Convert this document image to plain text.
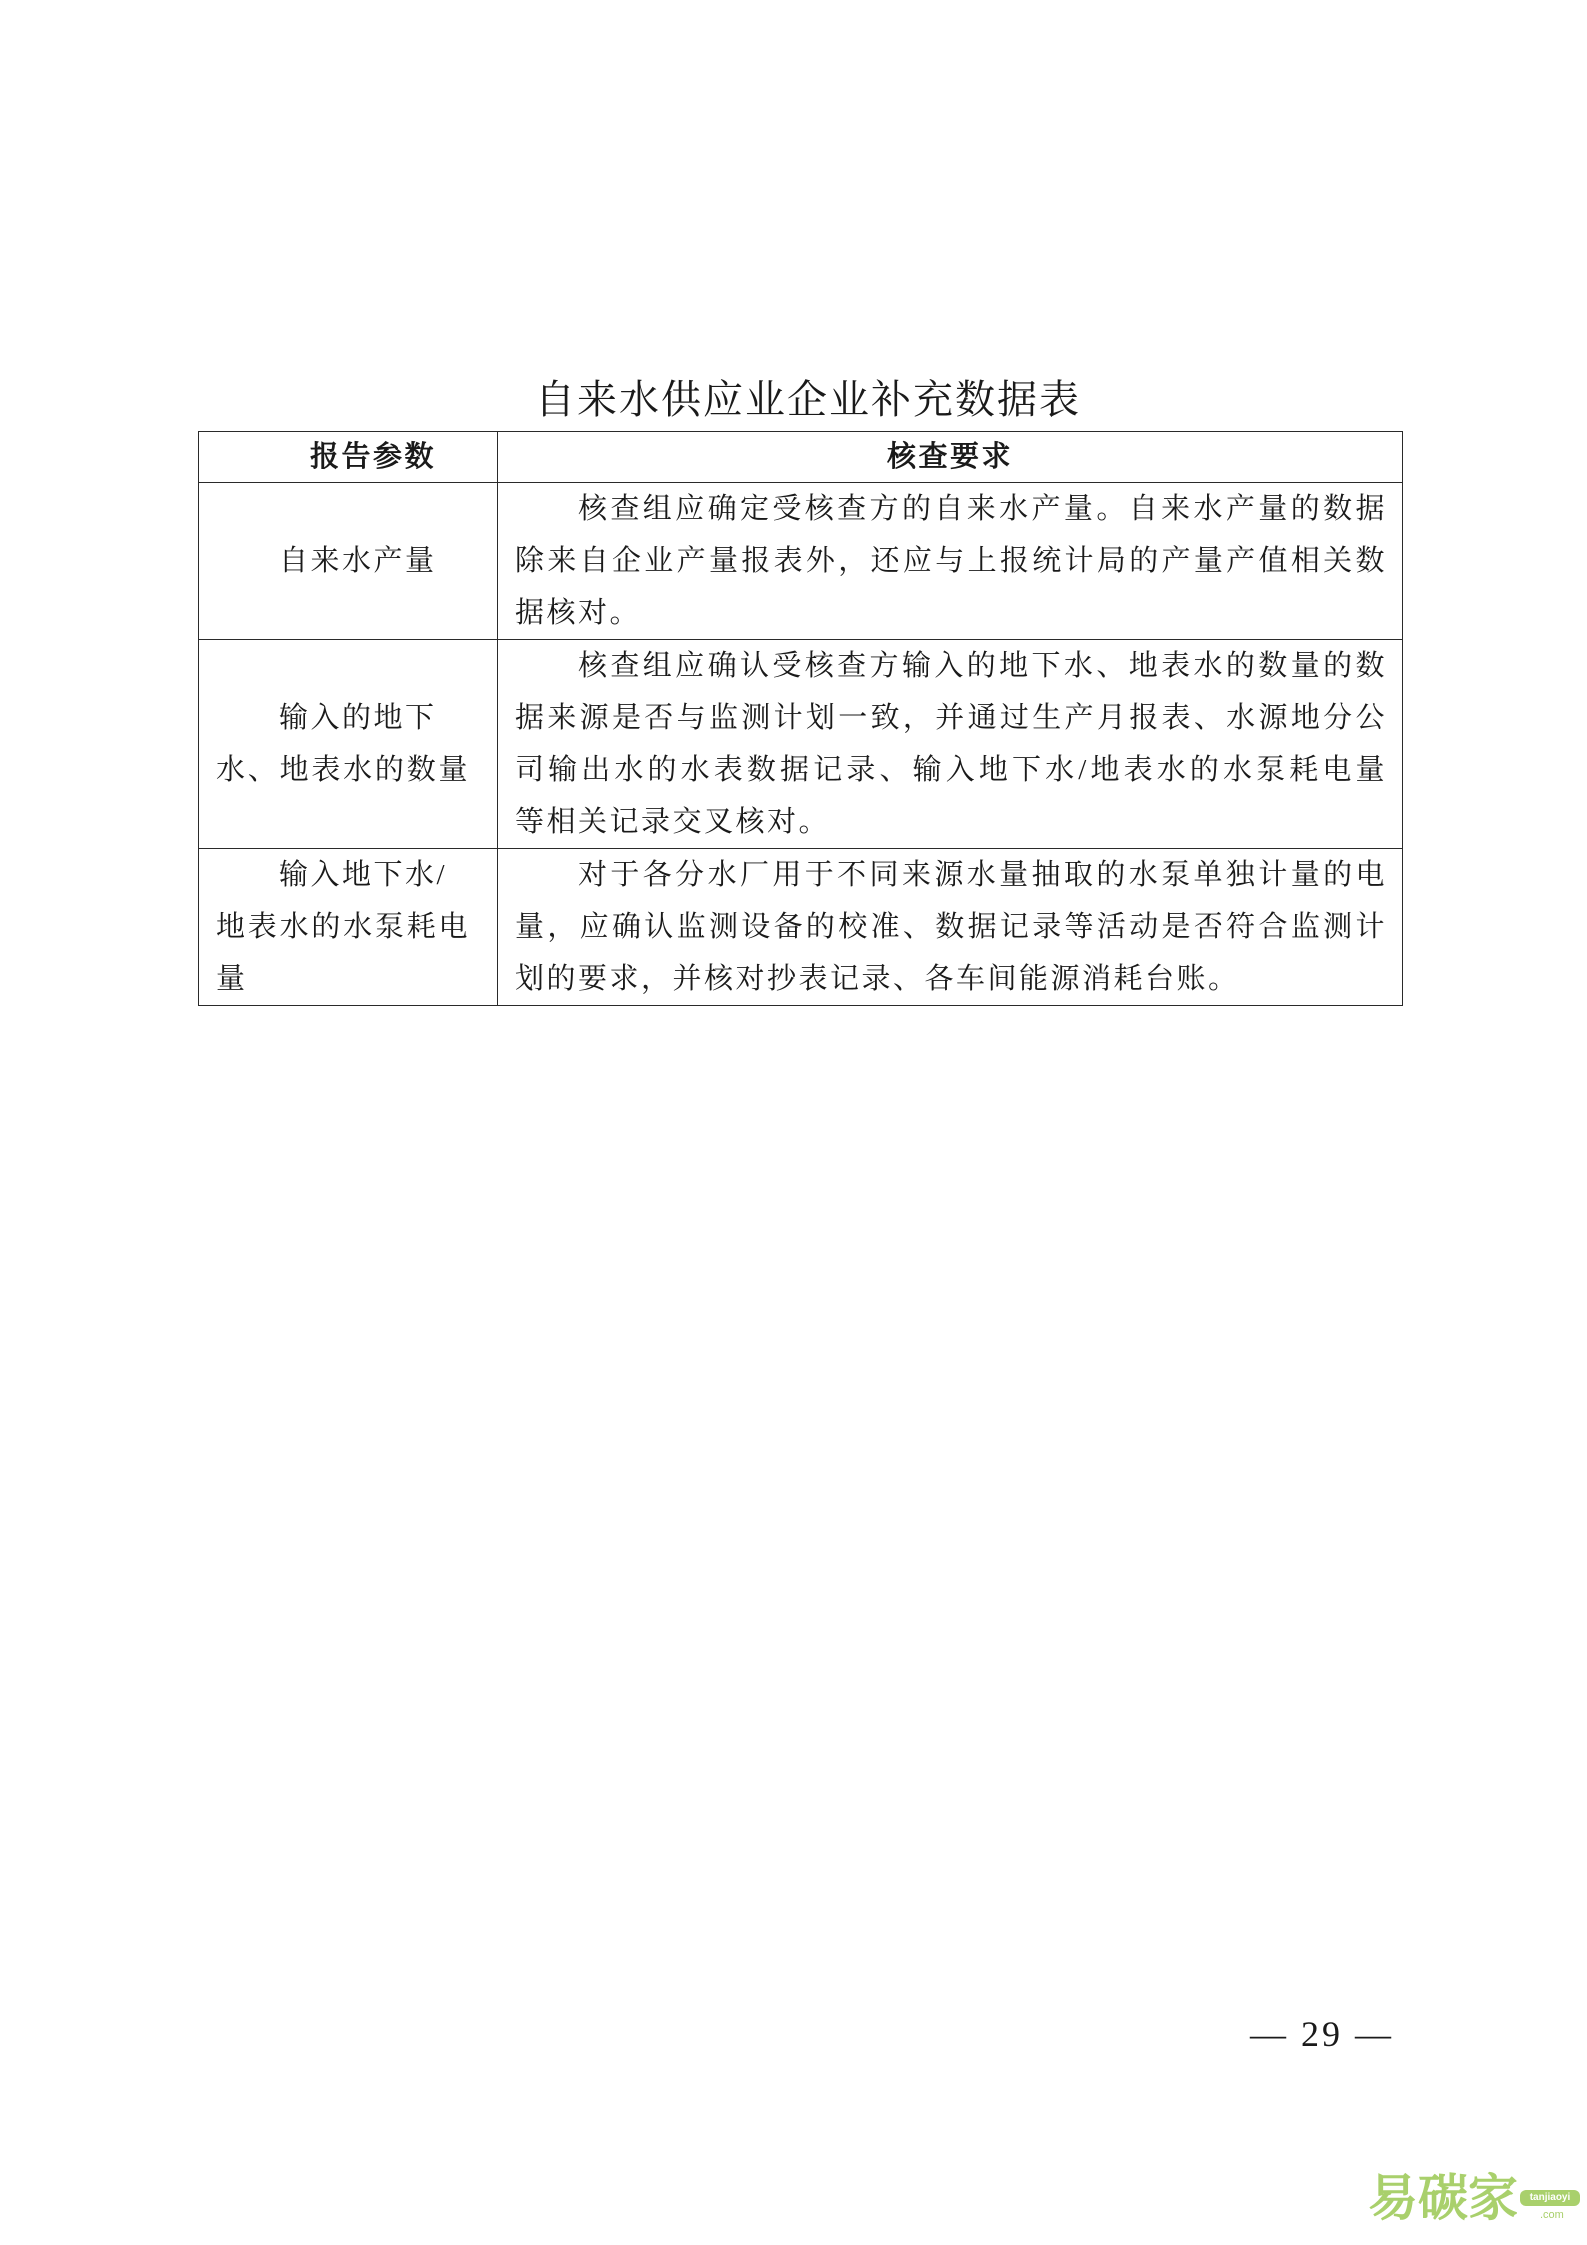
自来水供应业企业补充数据表
报告参数	核查要求

自来水产量	核查组应确定受核查方的自来水产量。自来水产量的数据
除来自企业产量报表外，还应与上报统计局的产量产值相关数
据核对。

输入的地下
水、地表水的数量	核查组应确认受核查方输入的地下水、地表水的数量的数
据来源是否与监测计划一致，并通过生产月报表、水源地分公
司输出水的水表数据记录、输入地下水/地表水的水泵耗电量
等相关记录交叉核对。

输入地下水/
地表水的水泵耗电
量	对于各分水厂用于不同来源水量抽取的水泵单独计量的电
量，应确认监测设备的校准、数据记录等活动是否符合监测计
划的要求，并核对抄表记录、各车间能源消耗台账。
— 29 —
易碳家	tanjiaoyi
.com
